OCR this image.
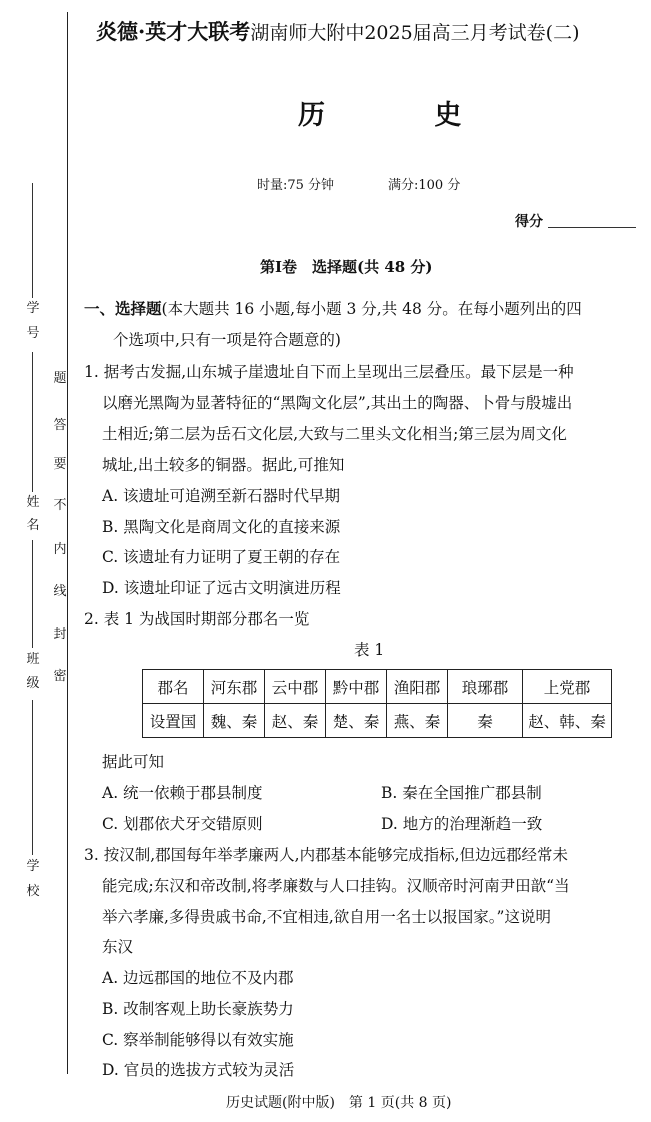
学
号
姓
名
班
级
学
校
题
答
要
不
内
线
封
密
炎德·英才大联考湖南师大附中2025届高三月考试卷(二)
历 史
时量:75 分钟	满分:100 分
得分
第Ⅰ卷　选择题(共 48 分)
一、选择题(本大题共 16 小题,每小题 3 分,共 48 分。在每小题列出的四
个选项中,只有一项是符合题意的)
1. 据考古发掘,山东城子崖遗址自下而上呈现出三层叠压。最下层是一种
以磨光黑陶为显著特征的“黑陶文化层”,其出土的陶器、卜骨与殷墟出
土相近;第二层为岳石文化层,大致与二里头文化相当;第三层为周文化
城址,出土较多的铜器。据此,可推知
A. 该遗址可追溯至新石器时代早期
B. 黑陶文化是商周文化的直接来源
C. 该遗址有力证明了夏王朝的存在
D. 该遗址印证了远古文明演进历程
2. 表 1 为战国时期部分郡名一览
表 1
郡名	河东郡	云中郡	黔中郡	渔阳郡	琅琊郡	上党郡
设置国	魏、秦	赵、秦	楚、秦	燕、秦	秦	赵、韩、秦
据此可知
A. 统一依赖于郡县制度	B. 秦在全国推广郡县制
C. 划郡依犬牙交错原则	D. 地方的治理渐趋一致
3. 按汉制,郡国每年举孝廉两人,内郡基本能够完成指标,但边远郡经常未
能完成;东汉和帝改制,将孝廉数与人口挂钩。汉顺帝时河南尹田歆“当
举六孝廉,多得贵戚书命,不宜相违,欲自用一名士以报国家。”这说明
东汉
A. 边远郡国的地位不及内郡
B. 改制客观上助长豪族势力
C. 察举制能够得以有效实施
D. 官员的选拔方式较为灵活
历史试题(附中版)　第 1 页(共 8 页)
